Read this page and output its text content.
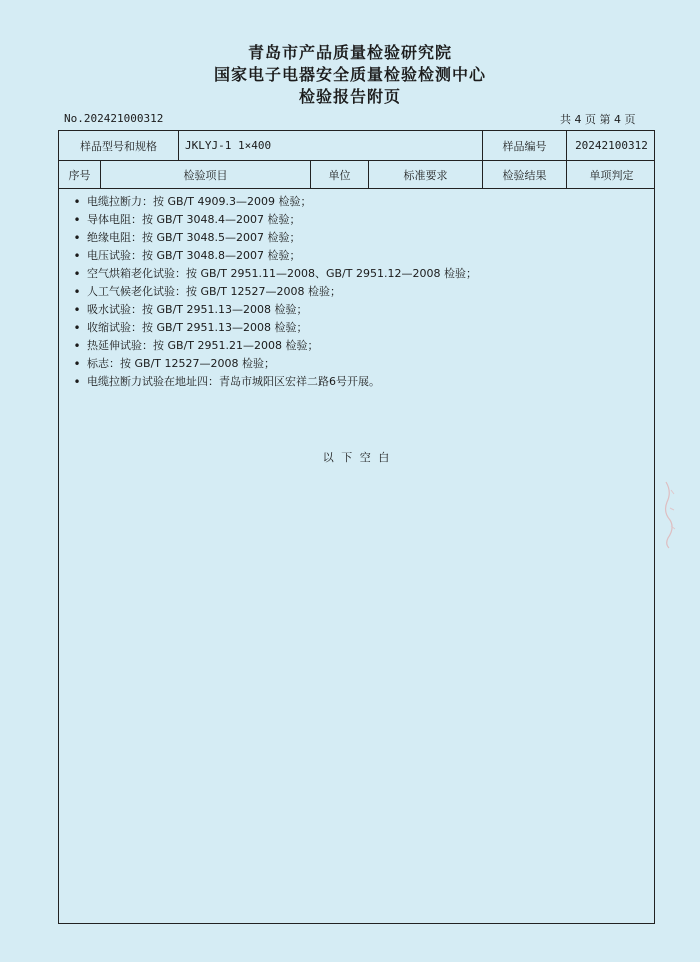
青岛市产品质量检验研究院
国家电子电器安全质量检验检测中心
检验报告附页
No.202421000312	共 4 页 第 4 页
样品型号和规格	JKLYJ-1 1×400	样品编号	20242100312
序号	检验项目	单位	标准要求	检验结果	单项判定
• 电缆拉断力：按 GB/T 4909.3—2009 检验；
• 导体电阻：按 GB/T 3048.4—2007 检验；
• 绝缘电阻：按 GB/T 3048.5—2007 检验；
• 电压试验：按 GB/T 3048.8—2007 检验；
• 空气烘箱老化试验：按 GB/T 2951.11—2008、GB/T 2951.12—2008 检验；
• 人工气候老化试验：按 GB/T 12527—2008 检验；
• 吸水试验：按 GB/T 2951.13—2008 检验；
• 收缩试验：按 GB/T 2951.13—2008 检验；
• 热延伸试验：按 GB/T 2951.21—2008 检验；
• 标志：按 GB/T 12527—2008 检验；
• 电缆拉断力试验在地址四：青岛市城阳区宏祥二路6号开展。
以 下 空 白
